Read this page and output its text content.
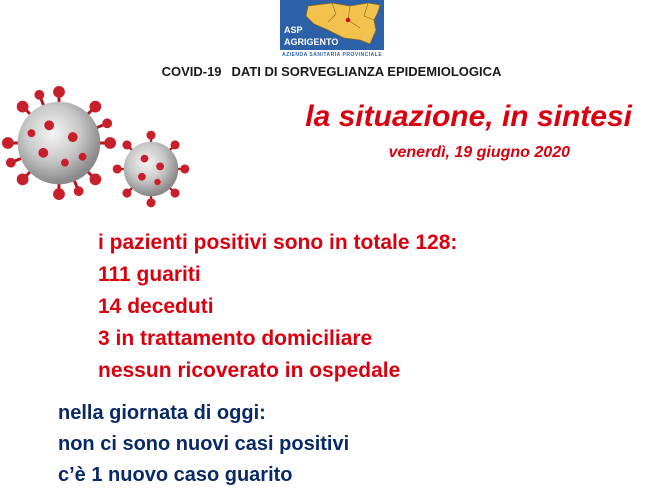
ASP
AGRIGENTO
AZIENDA SANITARIA PROVINCIALE
COVID-19 DATI DI SORVEGLIANZA EPIDEMIOLOGICA
la situazione, in sintesi
venerdì, 19 giugno 2020
i pazienti positivi sono in totale 128:
111 guariti
14 deceduti
3 in trattamento domiciliare
nessun ricoverato in ospedale
nella giornata di oggi:
non ci sono nuovi casi positivi
c’è 1 nuovo caso guarito
